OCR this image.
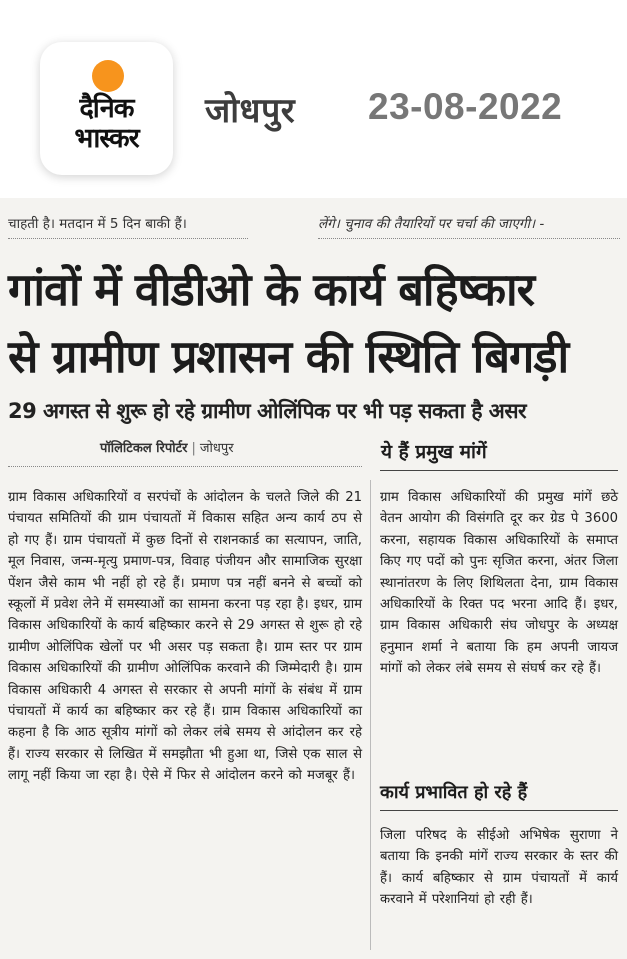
दैनिक
भास्कर
जोधपुर 23-08-2022
चाहती है। मतदान में 5 दिन बाकी हैं।	लेंगे। चुनाव की तैयारियों पर चर्चा की जाएगी। -
गांवों में वीडीओ के कार्य बहिष्कार
से ग्रामीण प्रशासन की स्थिति बिगड़ी
29 अगस्त से शुरू हो रहे ग्रामीण ओलिंपिक पर भी पड़ सकता है असर
पॉलिटिकल रिपोर्टर | जोधपुर	ये हैं प्रमुख मांगें
ग्राम विकास अधिकारियों व सरपंचों के आंदोलन के चलते जिले की 21 पंचायत समितियों की ग्राम पंचायतों में विकास सहित अन्य कार्य ठप से हो गए हैं। ग्राम पंचायतों में कुछ दिनों से राशनकार्ड का सत्यापन, जाति, मूल निवास, जन्म-मृत्यु प्रमाण-पत्र, विवाह पंजीयन और सामाजिक सुरक्षा पेंशन जैसे काम भी नहीं हो रहे हैं। प्रमाण पत्र नहीं बनने से बच्चों को स्कूलों में प्रवेश लेने में समस्याओं का सामना करना पड़ रहा है। इधर, ग्राम विकास अधिकारियों के कार्य बहिष्कार करने से 29 अगस्त से शुरू हो रहे ग्रामीण ओलिंपिक खेलों पर भी असर पड़ सकता है। ग्राम स्तर पर ग्राम विकास अधिकारियों की ग्रामीण ओलिंपिक करवाने की जिम्मेदारी है। ग्राम विकास अधिकारी 4 अगस्त से सरकार से अपनी मांगों के संबंध में ग्राम पंचायतों में कार्य का बहिष्कार कर रहे हैं। ग्राम विकास अधिकारियों का कहना है कि आठ सूत्रीय मांगों को लेकर लंबे समय से आंदोलन कर रहे हैं। राज्य सरकार से लिखित में समझौता भी हुआ था, जिसे एक साल से लागू नहीं किया जा रहा है। ऐसे में फिर से आंदोलन करने को मजबूर हैं।
ग्राम विकास अधिकारियों की प्रमुख मांगें छठे वेतन आयोग की विसंगति दूर कर ग्रेड पे 3600 करना, सहायक विकास अधिकारियों के समाप्त किए गए पदों को पुनः सृजित करना, अंतर जिला स्थानांतरण के लिए शिथिलता देना, ग्राम विकास अधिकारियों के रिक्त पद भरना आदि हैं। इधर, ग्राम विकास अधिकारी संघ जोधपुर के अध्यक्ष हनुमान शर्मा ने बताया कि हम अपनी जायज मांगों को लेकर लंबे समय से संघर्ष कर रहे हैं।
कार्य प्रभावित हो रहे हैं
जिला परिषद के सीईओ अभिषेक सुराणा ने बताया कि इनकी मांगें राज्य सरकार के स्तर की हैं। कार्य बहिष्कार से ग्राम पंचायतों में कार्य करवाने में परेशानियां हो रही हैं।
